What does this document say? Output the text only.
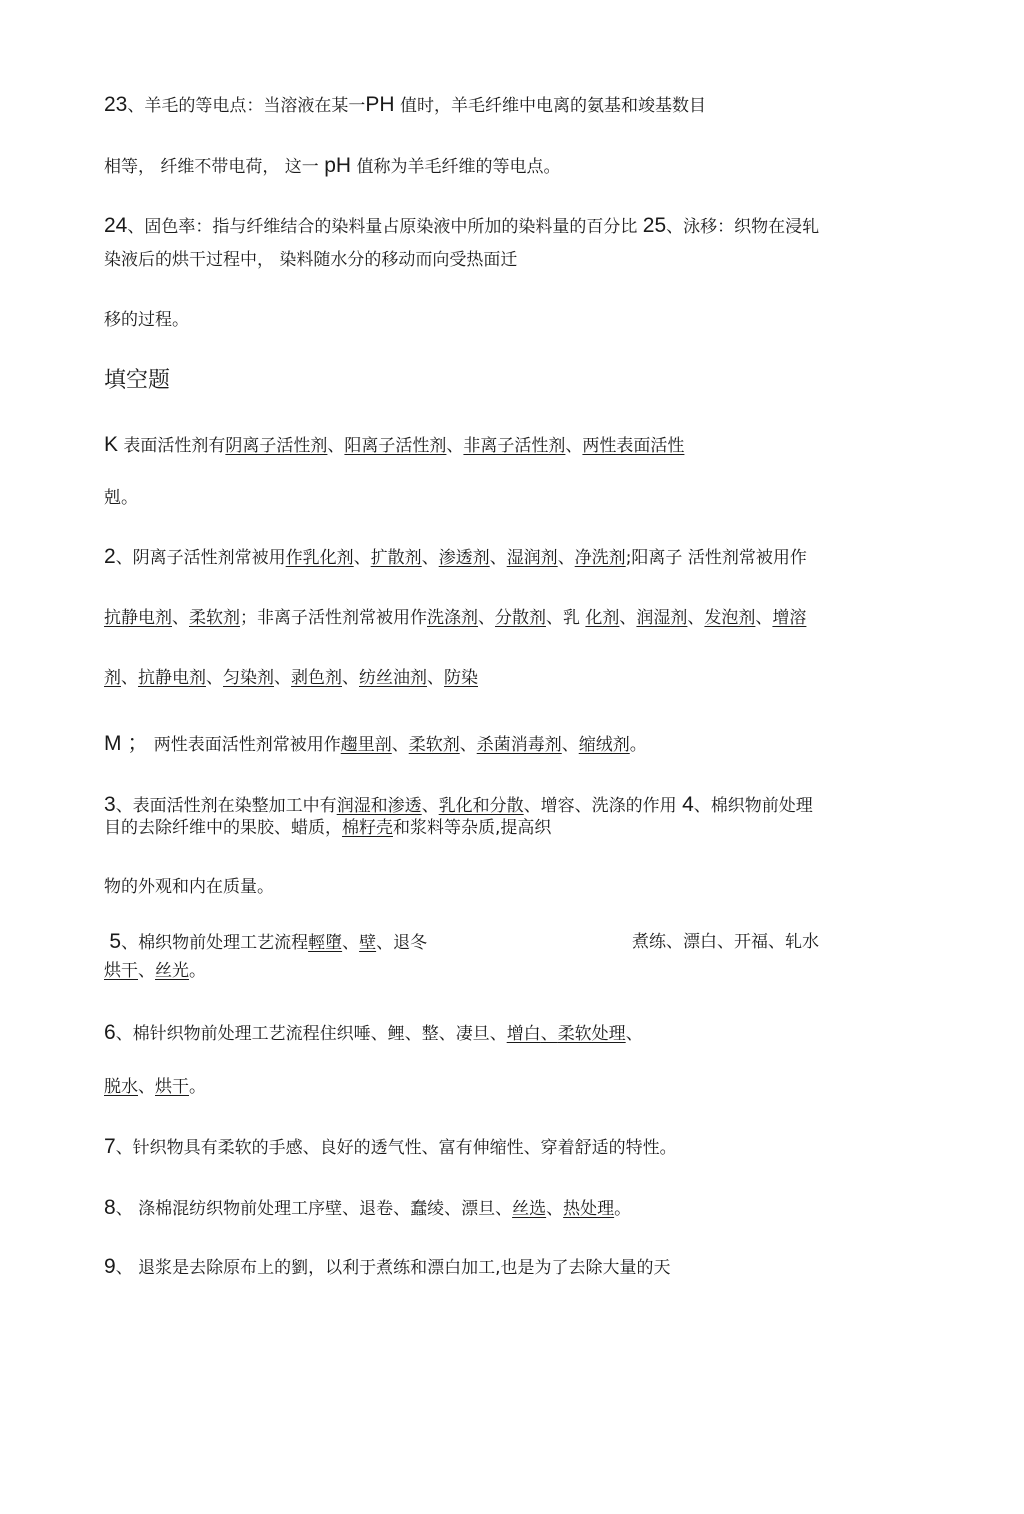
23、羊毛的等电点：当溶液在某一PH 值时，羊毛纤维中电离的氨基和竣基数目
相等， 纤维不带电荷， 这一 pH 值称为羊毛纤维的等电点。
24、固色率：指与纤维结合的染料量占原染液中所加的染料量的百分比 25、泳移：织物在浸轧
染液后的烘干过程中， 染料随水分的移动而向受热面迁
移的过程。
填空题
K 表面活性剂有阴离子活性剂、阳离子活性剂、非离子活性剂、两性表面活性
剋。
2、阴离子活性剂常被用作乳化剂、扩散剂、渗透剂、湿润剂、净洗剂;阳离子 活性剂常被用作
抗静电剂、柔软剂；非离子活性剂常被用作洗涤剂、分散剂、乳 化剂、润湿剂、发泡剂、增溶
剂、抗静电剂、匀染剂、剥色剂、纺丝油剂、防染
M ； 两性表面活性剂常被用作趨里剖、柔软剂、杀菌消毒剂、缩绒剂。
3、表面活性剂在染整加工中有润湿和渗透、乳化和分散、增容、洗涤的作用 4、棉织物前处理
目的去除纤维中的果胶、蜡质，棉籽壳和浆料等杂质,提高织
物的外观和内在质量。
5、棉织物前处理工艺流程輕墮、壁、退冬	煮练、漂白、开福、轧水
烘干、丝光。
6、棉针织物前处理工艺流程住织唾、鲤、整、凄旦、增白、柔软处理、
脱水、烘干。
7、针织物具有柔软的手感、良好的透气性、富有伸缩性、穿着舒适的特性。
8、 涤棉混纺织物前处理工序壁、退卷、蠢绫、漂旦、丝选、热处理。
9、 退浆是去除原布上的劉，以利于煮练和漂白加工,也是为了去除大量的天
